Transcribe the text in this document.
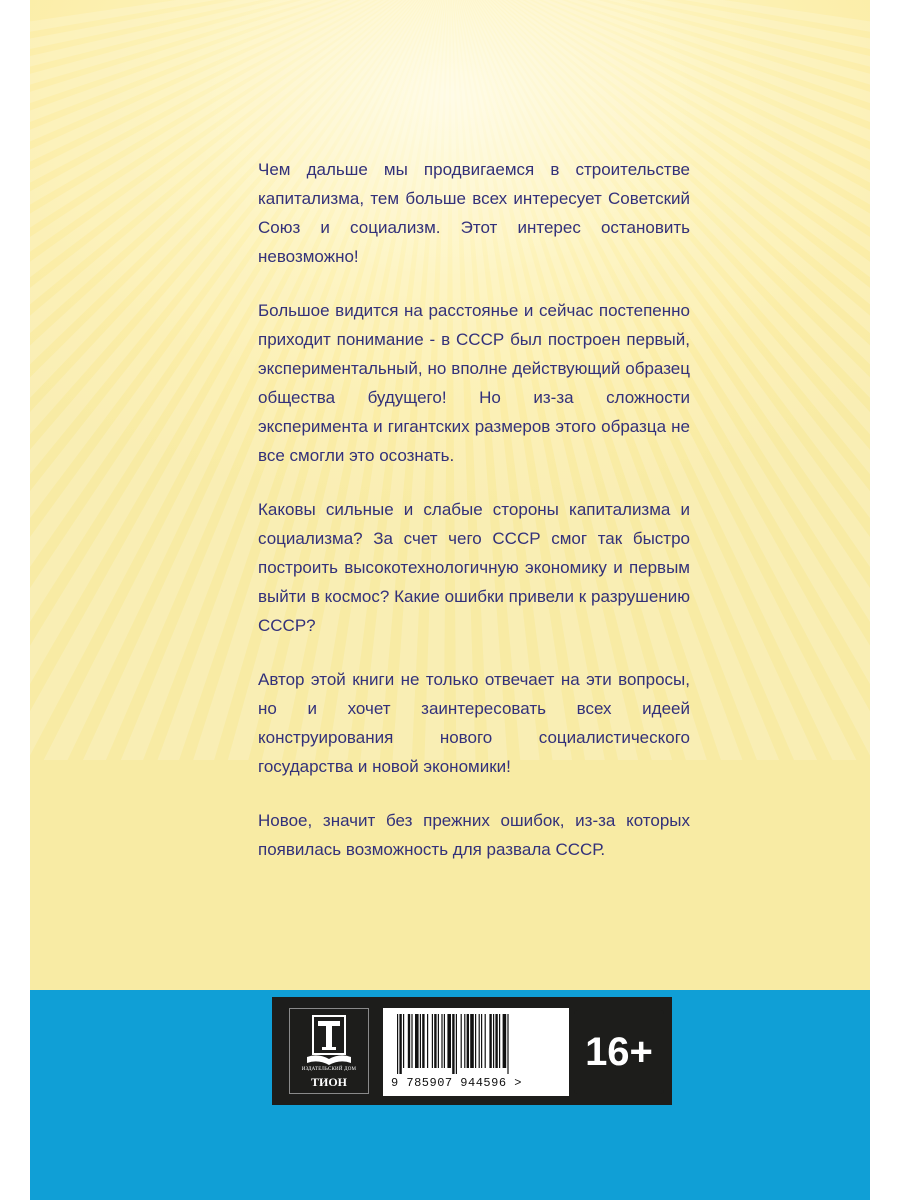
Чем дальше мы продвигаемся в строительстве капитализма, тем больше всех интересует Советский Союз и социализм. Этот интерес остановить невозможно!

Большое видится на расстоянье и сейчас постепенно приходит понимание - в СССР был построен первый, экспериментальный, но вполне действующий образец общества будущего! Но из-за сложности эксперимента и гигантских размеров этого образца не все смогли это осознать.

Каковы сильные и слабые стороны капитализма и социализма? За счет чего СССР смог так быстро построить высокотехнологичную экономику и первым выйти в космос? Какие ошибки привели к разрушению СССР?

Автор этой книги не только отвечает на эти вопросы, но и хочет заинтересовать всех идеей конструирования нового социалистического государства и новой экономики!

Новое, значит без прежних ошибок, из-за которых появилась возможность для развала СССР.

ИЗДАТЕЛЬСКИЙ ДОМ
ТИОН	9 785907 944596 >
16+
